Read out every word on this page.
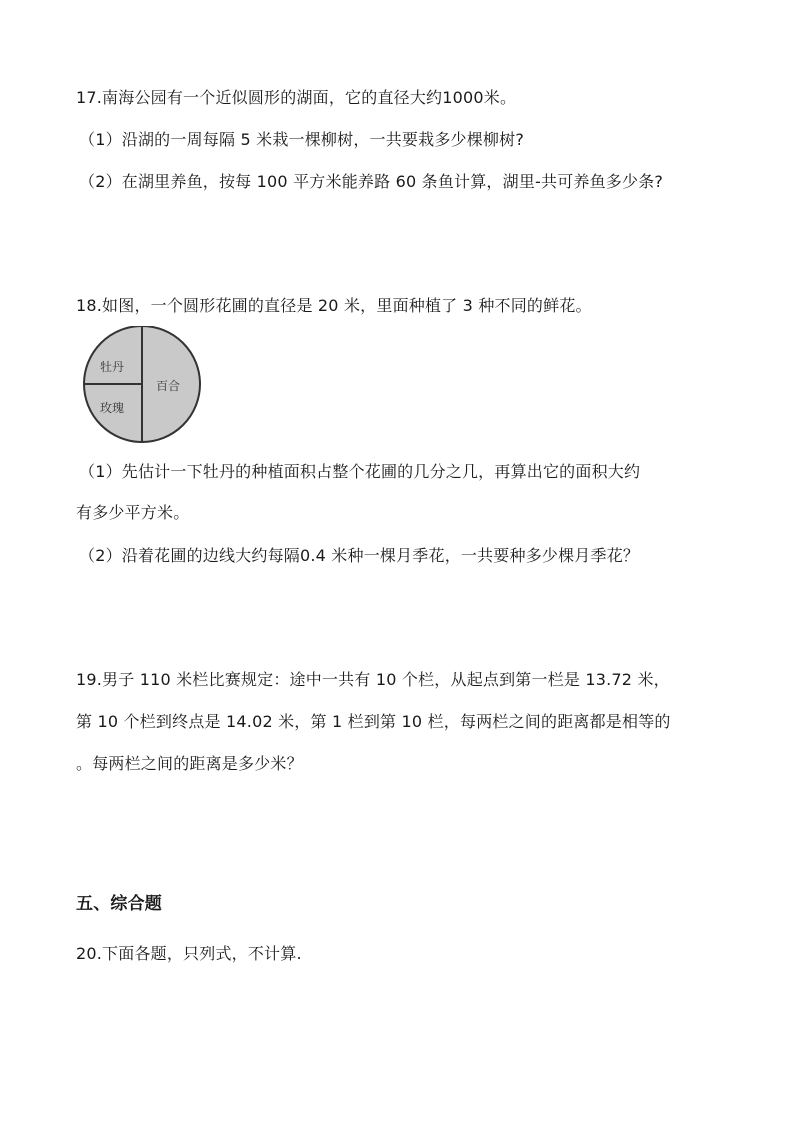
17.南海公园有一个近似圆形的湖面，它的直径大约1000米。
（1）沿湖的一周每隔 5 米栽一棵柳树，一共要栽多少棵柳树?
（2）在湖里养鱼，按每 100 平方米能养路 60 条鱼计算，湖里-共可养鱼多少条?
18.如图，一个圆形花圃的直径是 20 米，里面种植了 3 种不同的鲜花。
牡丹
百合
玫瑰
（1）先估计一下牡丹的种植面积占整个花圃的几分之几，再算出它的面积大约
有多少平方米。
（2）沿着花圃的边线大约每隔0.4 米种一棵月季花，一共要种多少棵月季花？
19.男子 110 米栏比赛规定：途中一共有 10 个栏，从起点到第一栏是 13.72 米，
第 10 个栏到终点是 14.02 米，第 1 栏到第 10 栏，每两栏之间的距离都是相等的
。每两栏之间的距离是多少米？
五、综合题
20.下面各题，只列式，不计算.
